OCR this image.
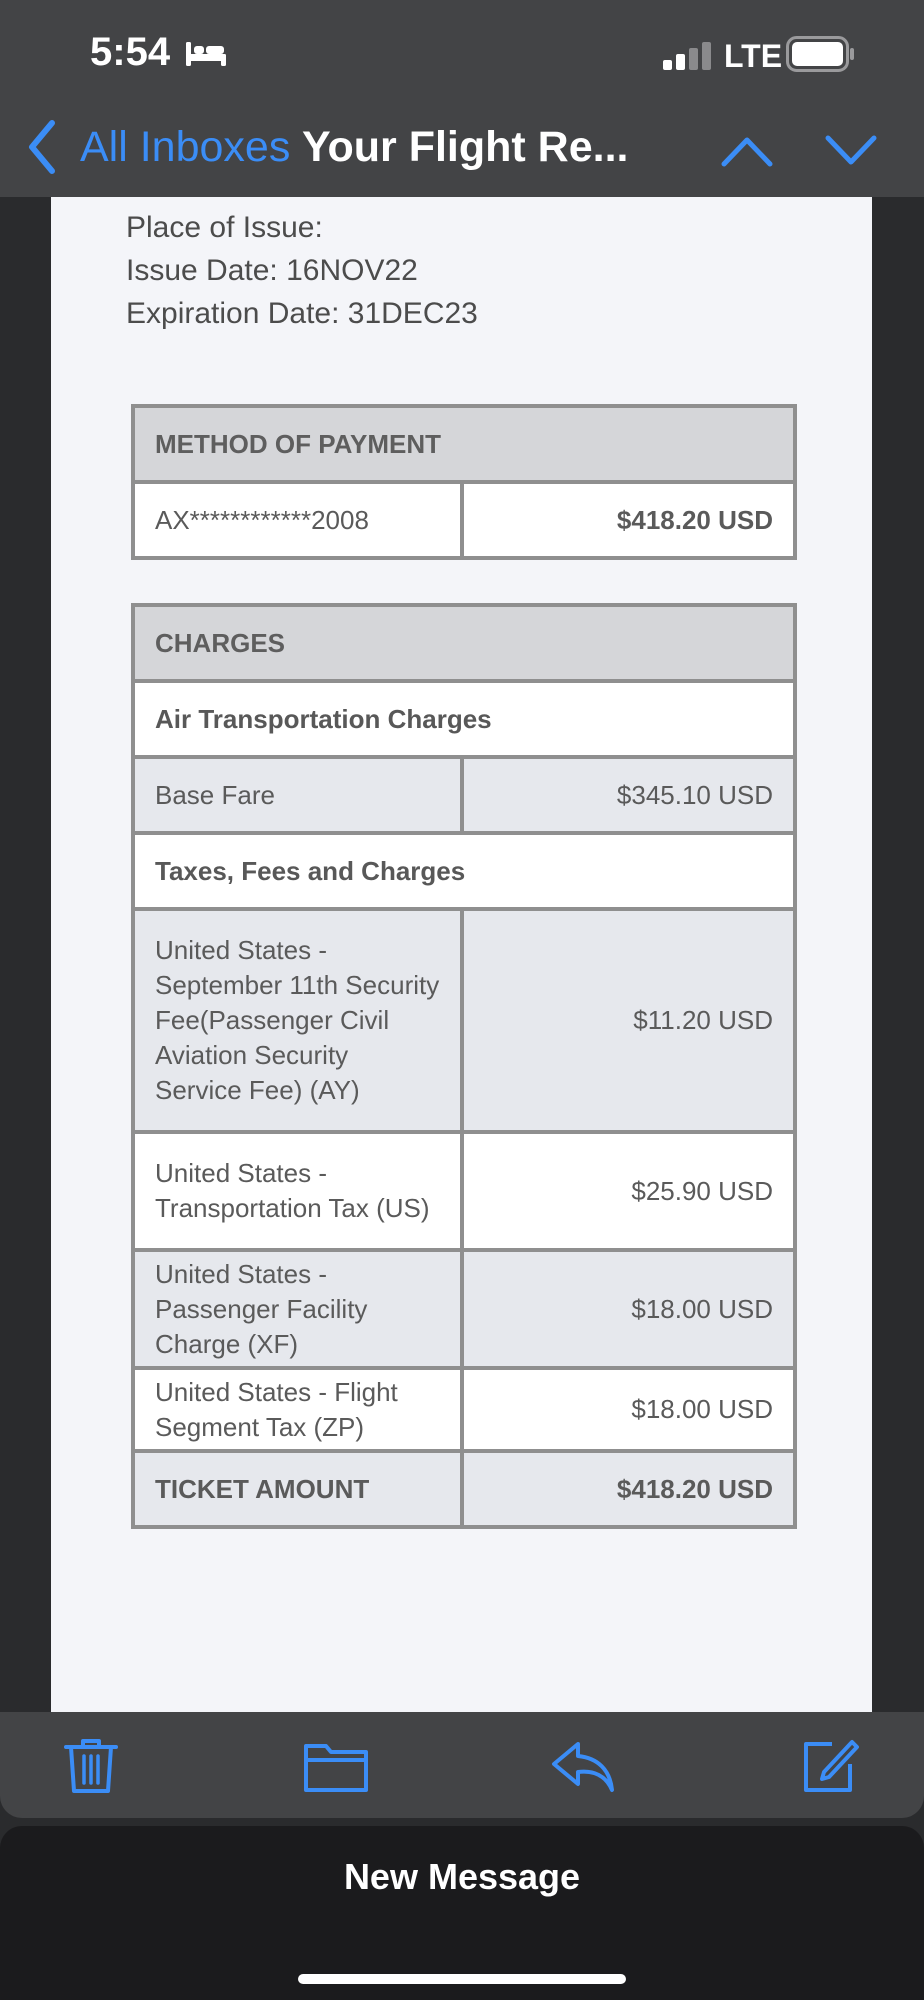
5:54	LTE
All Inboxes Your Flight Re...
Place of Issue:
Issue Date: 16NOV22
Expiration Date: 31DEC23
METHOD OF PAYMENT
AX************2008	$418.20 USD
CHARGES	
Air Transportation Charges	
Base Fare	$345.10 USD
Taxes, Fees and Charges	
United States - September 11th Security Fee(Passenger Civil Aviation Security Service Fee) (AY)	$11.20 USD
United States - Transportation Tax (US)	$25.90 USD
United States - Passenger Facility Charge (XF)	$18.00 USD
United States - Flight Segment Tax (ZP)	$18.00 USD
TICKET AMOUNT	$418.20 USD
New Message
